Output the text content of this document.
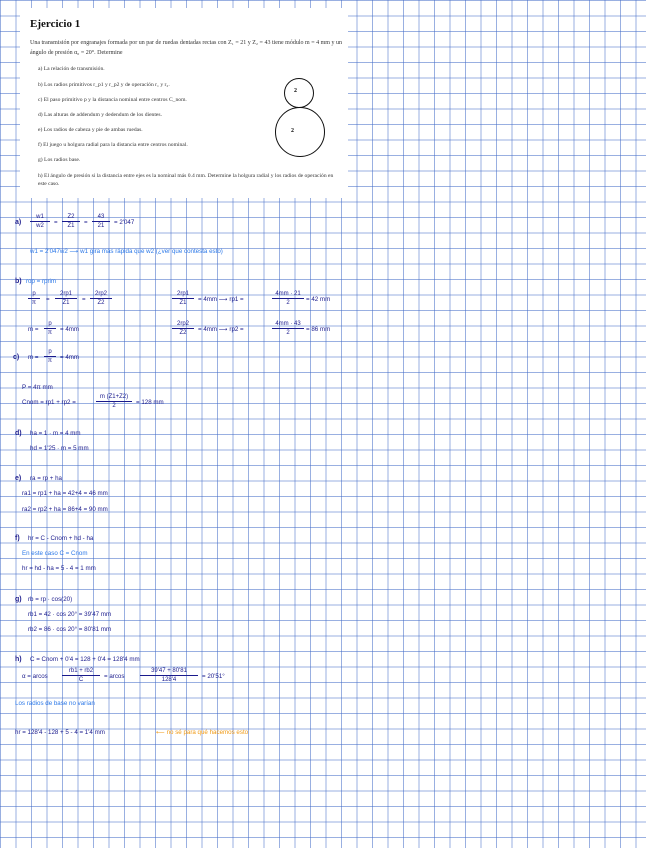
Ejercicio 1
Una transmisión por engranajes formada por un par de ruedas dentadas rectas con Z₁ = 21 y Z₂ = 43 tiene módulo m = 4 mm y un ángulo de presión α₀ = 20°. Determine
a) La relación de transmisión.
b) Los radios primitivos r_p1 y r_p2 y de operación r₁ y r₂.
c) El paso primitivo p y la distancia nominal entre centros C_nom.
d) Las alturas de addendum y dedendum de los dientes.
e) Los radios de cabeza y pie de ambas ruedas.
f) El juego u holgura radial para la distancia entre centros nominal.
g) Los radios base.
h) El ángulo de presión si la distancia entre ejes es la nominal más 0.4 mm. Determine la holgura radial y los radios de operación en este caso.
2
2
$a) \frac{w1}{w2} = \frac{Z2}{Z1} = \frac{43}{21} = 2'047$
w1 = 2'047w2 ⟶ w1 gira más rápida que w2 (¿ver que contesta esto)
b) rop = rprim
$\frac{p}{\pi} = \frac{2rp1}{Z1} = \frac{2rp2}{Z2}$	$\frac{2rp1}{Z1} = 4mm$ ⟶ rp1 =	$\frac{4mm \cdot 21}{2} = 42$ mm
$m = \frac{p}{\pi} = 4mm$	$\frac{2rp2}{Z2} = 4mm$ ⟶ rp2 =	$\frac{4mm \cdot 43}{2} = 86$ mm
c) $m = \frac{p}{\pi} = 4mm$
P = 4π mm
Cnom = rp1 + rp2 =	$\frac{m (Z1+Z2)}{2} = 128$ mm
d) ha = 1 · m = 4 mm
hd = 1'25 · m = 5 mm
e) ra = rp + ha
ra1 = rp1 + ha = 42+4 = 46 mm
ra2 = rp2 + ha = 86+4 = 90 mm
f) hr = C - Cnom + hd - ha
En este caso C = Cnom
hr = hd - ha = 5 - 4 = 1 mm
g) rb = rp · cos(20)
rb1 = 42 · cos 20° = 39'47 mm
rb2 = 86 · cos 20° = 80'81 mm
h) C = Cnom + 0'4 = 128 + 0'4 = 128'4 mm
α = arcos $\frac{rb1 + rb2}{C} = arcos$	$\frac{39'47 + 80'81}{128'4} = 20'51^\circ$
Los radios de base no varían
hr = 128'4 - 128 + 5 - 4 = 1'4 mm	⟵ no sé para qué hacemos esto
